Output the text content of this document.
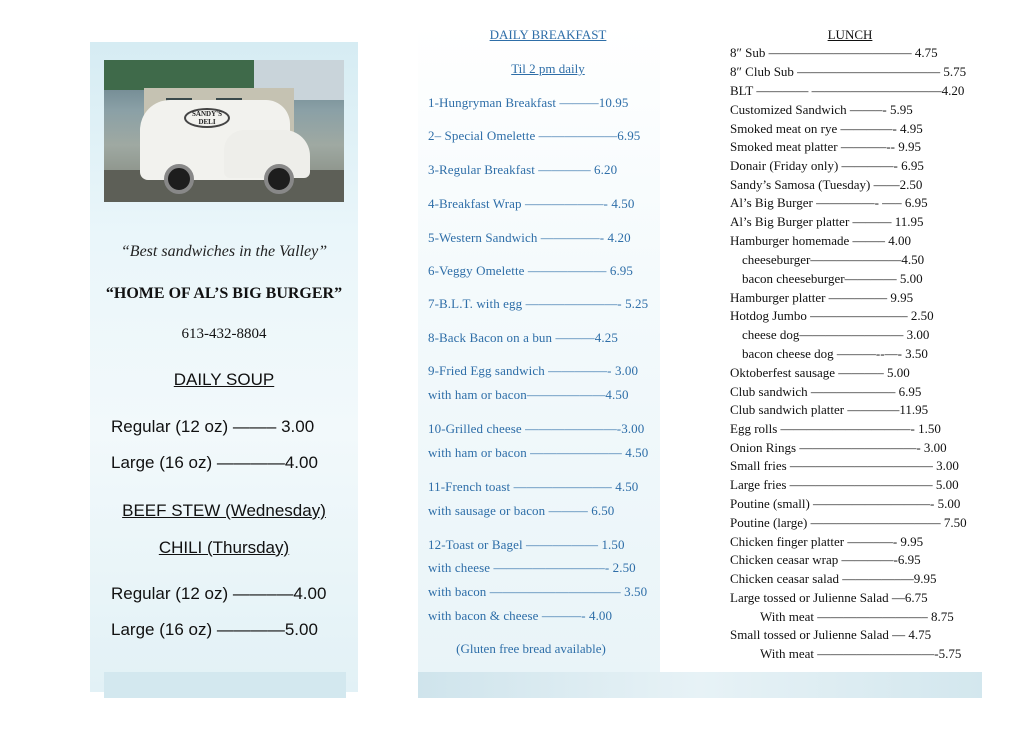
SANDY'S DELI
“Best sandwiches in the Valley”
“HOME OF AL’S BIG BURGER”
613-432-8804
DAILY SOUP
Regular (12 oz) ——– 3.00
Large (16 oz) ————4.00
BEEF STEW (Wednesday)
CHILI (Thursday)
Regular (12 oz) ——–—4.00
Large (16 oz) ————5.00
DAILY BREAKFAST
Til 2 pm daily
1-Hungryman Breakfast ———10.95
2– Special Omelette ——————6.95
3-Regular Breakfast ———— 6.20
4-Breakfast Wrap ——————- 4.50
5-Western Sandwich ———–—- 4.20
6-Veggy Omelette —————— 6.95
7-B.L.T. with egg ———————- 5.25
8-Back Bacon on a bun ———4.25
9-Fried Egg sandwich ——–——- 3.00
with ham or bacon——————4.50
10-Grilled cheese ———————-3.00
with ham or bacon ——————— 4.50
11-French toast ———————– 4.50
with sausage or bacon ——— 6.50
12-Toast or Bagel ——–——— 1.50
with cheese ————————–- 2.50
with bacon —————————— 3.50
with bacon & cheese ———- 4.00
(Gluten free bread available)
LUNCH
8″ Sub ——————————— 4.75
8″ Club Sub ——————————— 5.75
BLT ———— ——————————4.20
Customized Sandwich ——–- 5.95
Smoked meat on rye ————- 4.95
Smoked meat platter ———–-- 9.95
Donair (Friday only) ————- 6.95
Sandy’s Samosa (Tuesday) ——2.50
Al’s Big Burger ——–——- —– 6.95
Al’s Big Burger platter ——— 11.95
Hamburger homemade ——– 4.00
cheeseburger———————4.50
bacon cheeseburger———— 5.00
Hamburger platter ——–—— 9.95
Hotdog Jumbo ———————– 2.50
cheese dog———————— 3.00
bacon cheese dog ———--—- 3.50
Oktoberfest sausage ———– 5.00
Club sandwich ——————– 6.95
Club sandwich platter ————11.95
Egg rolls ——————————- 1.50
Onion Rings —————————- 3.00
Small fries ——————————— 3.00
Large fries ——————————— 5.00
Poutine (small) —————————- 5.00
Poutine (large) —————————— 7.50
Chicken finger platter ——–—- 9.95
Chicken ceasar wrap ————-6.95
Chicken ceasar salad ————–—9.95
Large tossed or Julienne Salad —6.75
With meat ————————– 8.75
Small tossed or Julienne Salad — 4.75
With meat —————————-5.75
